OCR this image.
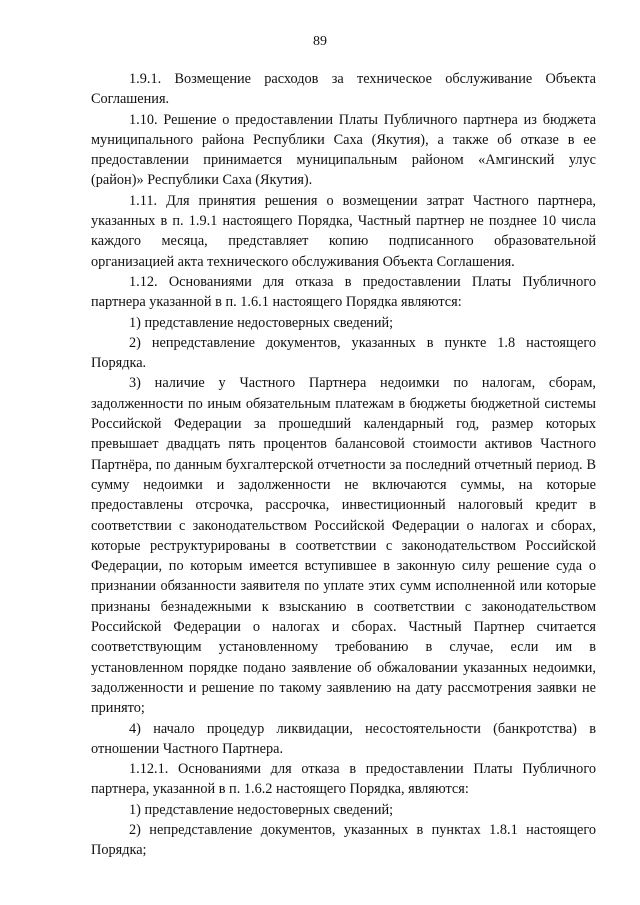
89

1.9.1. Возмещение расходов за техническое обслуживание Объекта Соглашения.

1.10. Решение о предоставлении Платы Публичного партнера из бюджета муниципального района Республики Саха (Якутия), а также об отказе в ее предоставлении принимается муниципальным районом «Амгинский улус (район)» Республики Саха (Якутия).

1.11. Для принятия решения о возмещении затрат Частного партнера, указанных в п. 1.9.1 настоящего Порядка, Частный партнер не позднее 10 числа каждого месяца, представляет копию подписанного образовательной организацией акта технического обслуживания Объекта Соглашения.

1.12. Основаниями для отказа в предоставлении Платы Публичного партнера указанной в п. 1.6.1 настоящего Порядка являются:

1) представление недостоверных сведений;

2) непредставление документов, указанных в пункте 1.8 настоящего Порядка.

3) наличие у Частного Партнера недоимки по налогам, сборам, задолженности по иным обязательным платежам в бюджеты бюджетной системы Российской Федерации за прошедший календарный год, размер которых превышает двадцать пять процентов балансовой стоимости активов Частного Партнёра, по данным бухгалтерской отчетности за последний отчетный период. В сумму недоимки и задолженности не включаются суммы, на которые предоставлены отсрочка, рассрочка, инвестиционный налоговый кредит в соответствии с законодательством Российской Федерации о налогах и сборах, которые реструктурированы в соответствии с законодательством Российской Федерации, по которым имеется вступившее в законную силу решение суда о признании обязанности заявителя по уплате этих сумм исполненной или которые признаны безнадежными к взысканию в соответствии с законодательством Российской Федерации о налогах и сборах. Частный Партнер считается соответствующим установленному требованию в случае, если им в установленном порядке подано заявление об обжаловании указанных недоимки, задолженности и решение по такому заявлению на дату рассмотрения заявки не принято;

4) начало процедур ликвидации, несостоятельности (банкротства) в отношении Частного Партнера.

1.12.1. Основаниями для отказа в предоставлении Платы Публичного партнера, указанной в п. 1.6.2 настоящего Порядка, являются:

1) представление недостоверных сведений;

2) непредставление документов, указанных в пунктах 1.8.1 настоящего Порядка;
